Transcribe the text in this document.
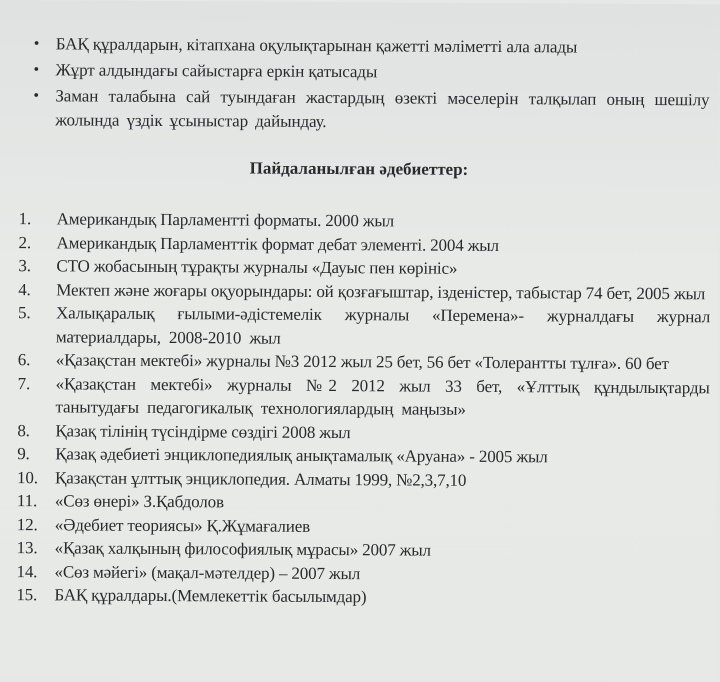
• БАҚ құралдарын, кітапхана оқулықтарынан қажетті мәліметті ала алады
• Жұрт алдындағы сайыстарға еркін қатысады
• Заман талабына сай туындаған жастардың өзекті мәселерін талқылап оның шешілу жолында үздік ұсыныстар дайындау.
Пайдаланылған әдебиеттер:
1.	Американдық Парламентті форматы. 2000 жыл
2.	Американдық Парламенттік формат дебат элементі. 2004 жыл
3.	СТО жобасының тұрақты журналы «Дауыс пен көрініс»
4.	Мектеп және жоғары оқуорындары: ой қозғағыштар, ізденістер, табыстар 74 бет, 2005 жыл
5.	Халықаралық ғылыми-әдістемелік журналы «Перемена»- журналдағы журнал материалдары, 2008-2010 жыл
6.	«Қазақстан мектебі» журналы №3 2012 жыл 25 бет, 56 бет «Толерантты тұлға». 60 бет
7.	«Қазақстан мектебі» журналы №2 2012 жыл 33 бет, «Ұлттық құндылықтарды танытудағы педагогикалық технологиялардың маңызы»
8.	Қазақ тілінің түсіндірме сөздігі 2008 жыл
9.	Қазақ әдебиеті энциклопедиялық анықтамалық «Аруана» - 2005 жыл
10.	Қазақстан ұлттық энциклопедия. Алматы 1999, №2,3,7,10
11.	«Сөз өнері» З.Қабдолов
12.	«Әдебиет теориясы» Қ.Жұмағалиев
13.	«Қазақ халқының философиялық мұрасы» 2007 жыл
14.	«Сөз мәйегі» (мақал-мәтелдер) – 2007 жыл
15.	БАҚ құралдары.(Мемлекеттік басылымдар)
